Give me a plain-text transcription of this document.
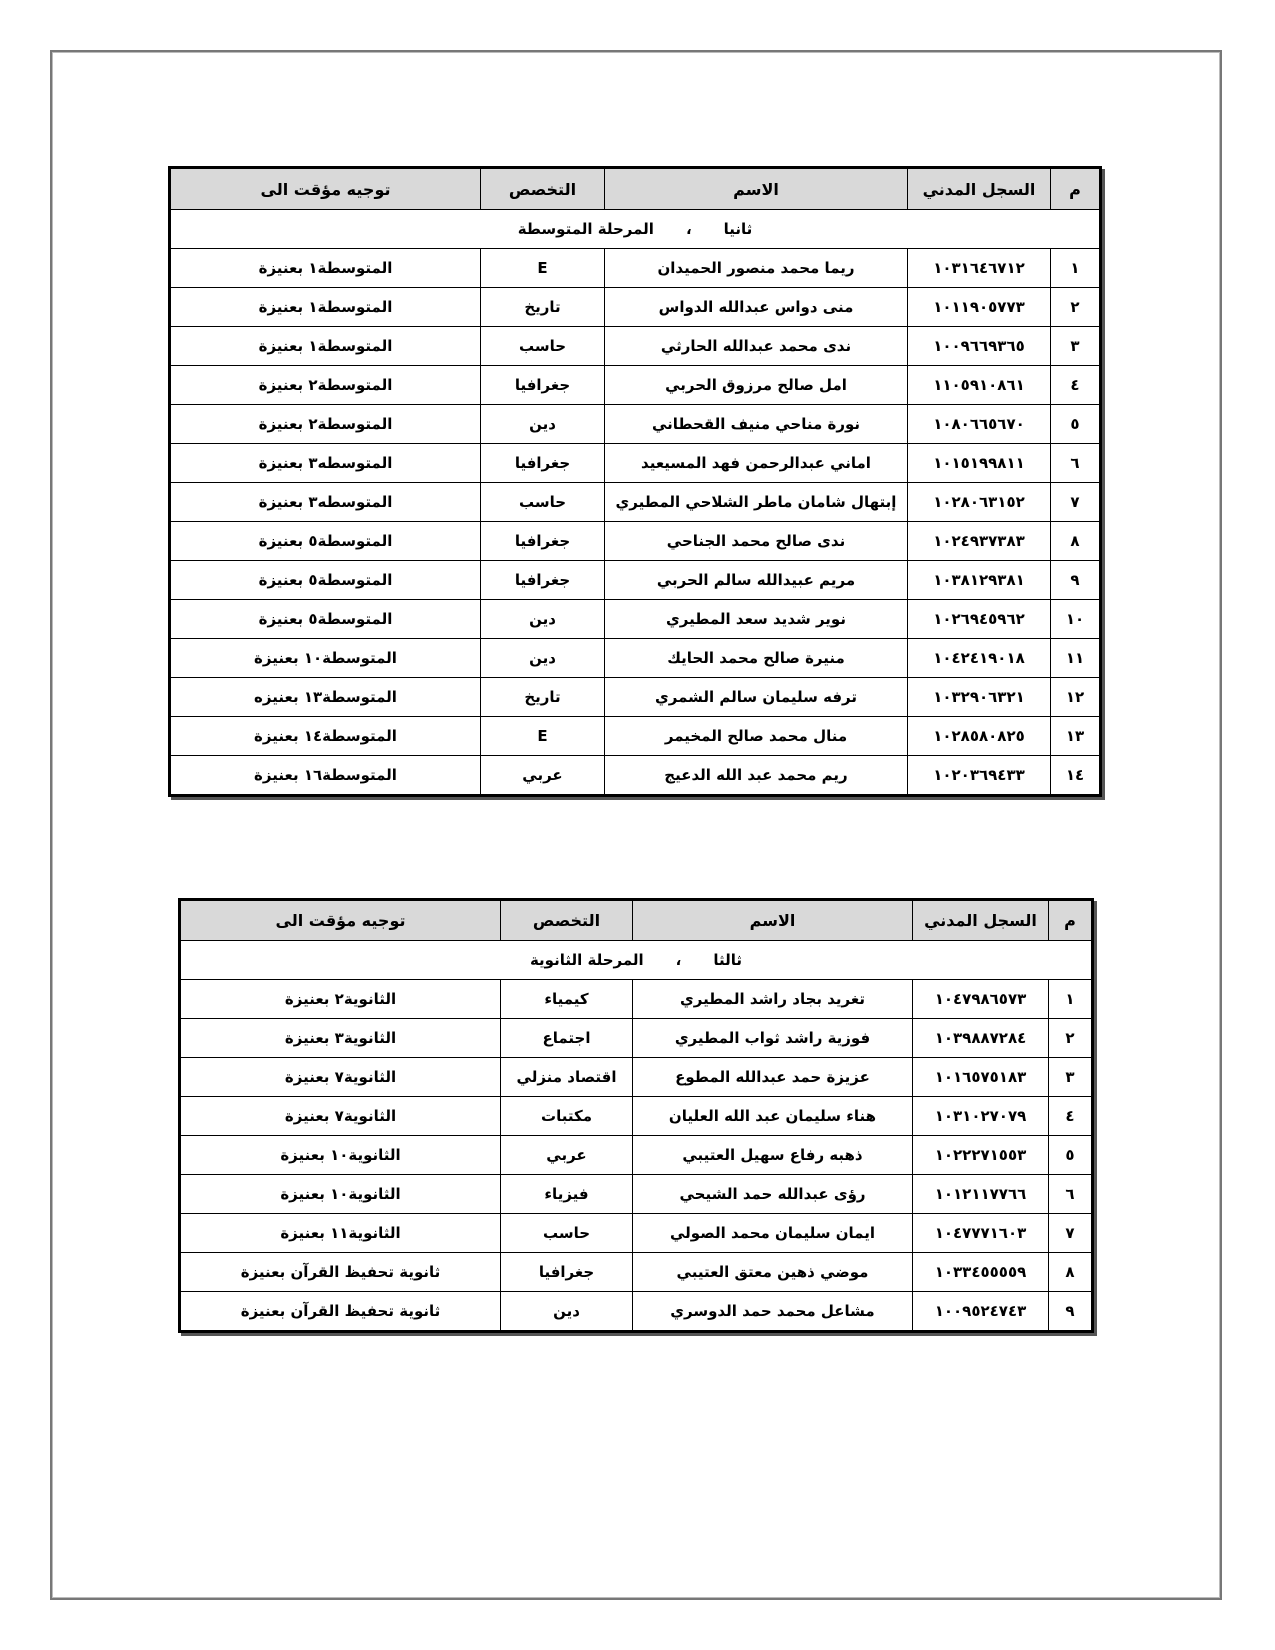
م	السجل المدني	الاسم	التخصص	توجيه مؤقت الى
ثانيا،المرحلة المتوسطة				
١	١٠٣١٦٤٦٧١٢	ريما محمد منصور الحميدان	E	المتوسطة١ بعنيزة
٢	١٠١١٩٠٥٧٧٣	منى دواس عبدالله الدواس	تاريخ	المتوسطة١ بعنيزة
٣	١٠٠٩٦٦٩٣٦٥	ندى محمد عبدالله الحارثي	حاسب	المتوسطة١ بعنيزة
٤	١١٠٥٩١٠٨٦١	امل صالح مرزوق الحربي	جغرافيا	المتوسطة٢ بعنيزة
٥	١٠٨٠٦٦٥٦٧٠	نورة مناحي منيف القحطاني	دين	المتوسطة٢ بعنيزة
٦	١٠١٥١٩٩٨١١	اماني عبدالرحمن فهد المسيعيد	جغرافيا	المتوسطه٣ بعنيزة
٧	١٠٢٨٠٦٣١٥٢	إبتهال شامان ماطر الشلاحي المطيري	حاسب	المتوسطه٣ بعنيزة
٨	١٠٢٤٩٣٧٣٨٣	ندى صالح محمد الجناحي	جغرافيا	المتوسطة٥ بعنيزة
٩	١٠٣٨١٢٩٣٨١	مريم عبيدالله سالم الحربي	جغرافيا	المتوسطة٥ بعنيزة
١٠	١٠٢٦٩٤٥٩٦٢	نوير شديد سعد المطيري	دين	المتوسطة٥ بعنيزة
١١	١٠٤٢٤١٩٠١٨	منيرة صالح محمد الحايك	دين	المتوسطة١٠ بعنيزة
١٢	١٠٣٢٩٠٦٣٢١	ترفه سليمان سالم الشمري	تاريخ	المتوسطة١٣ بعنيزه
١٣	١٠٢٨٥٨٠٨٢٥	منال محمد صالح المخيمر	E	المتوسطة١٤ بعنيزة
١٤	١٠٢٠٣٦٩٤٣٣	ريم محمد عبد الله الدعيج	عربي	المتوسطة١٦ بعنيزة
م	السجل المدني	الاسم	التخصص	توجيه مؤقت الى
ثالثا،المرحلة الثانوية				
١	١٠٤٧٩٨٦٥٧٣	تغريد بجاد راشد المطيري	كيمياء	الثانوية٢ بعنيزة
٢	١٠٣٩٨٨٧٢٨٤	فوزية راشد ثواب المطيري	اجتماع	الثانوية٣ بعنيزة
٣	١٠١٦٥٧٥١٨٣	عزيزة حمد عبدالله المطوع	اقتصاد منزلي	الثانوية٧ بعنيزة
٤	١٠٣١٠٢٧٠٧٩	هناء سليمان عبد الله العليان	مكتبات	الثانوية٧ بعنيزة
٥	١٠٢٢٢٧١٥٥٣	ذهبه رفاع سهيل العتيبي	عربي	الثانوية١٠ بعنيزة
٦	١٠١٢١١٧٧٦٦	رؤى عبدالله حمد الشيحي	فيزياء	الثانوية١٠ بعنيزة
٧	١٠٤٧٧٧١٦٠٣	ايمان سليمان محمد الصولي	حاسب	الثانوية١١ بعنيزة
٨	١٠٣٣٤٥٥٥٥٩	موضي ذهين معتق العتيبي	جغرافيا	ثانوية تحفيظ القرآن بعنيزة
٩	١٠٠٩٥٢٤٧٤٣	مشاعل محمد حمد الدوسري	دين	ثانوية تحفيظ القرآن بعنيزة
